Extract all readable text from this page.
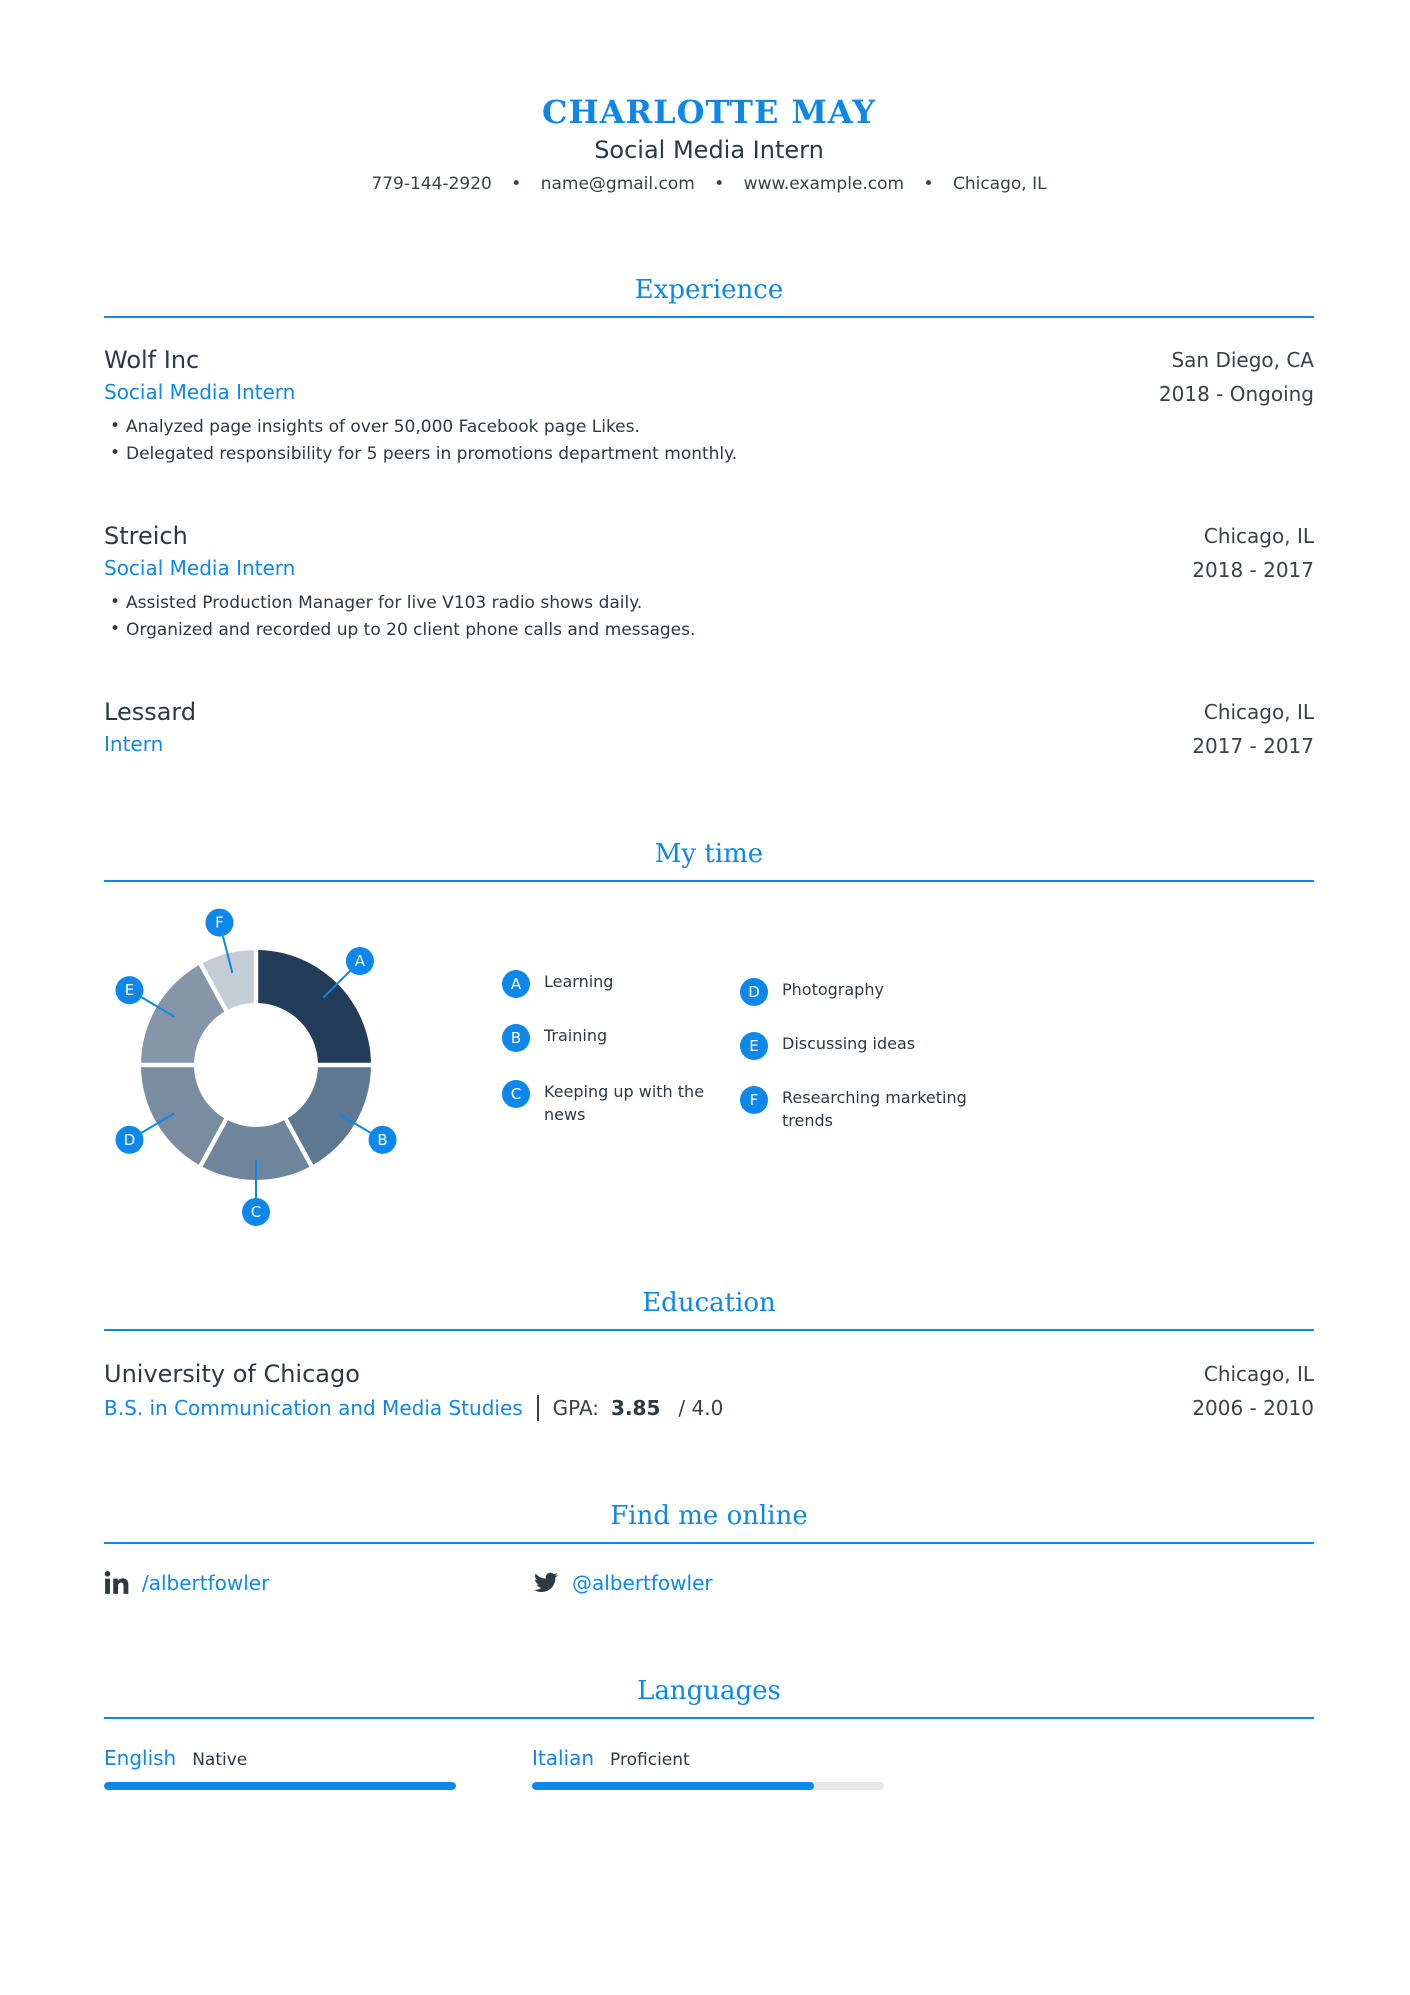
CHARLOTTE MAY
Social Media Intern
779-144-2920 • name@gmail.com • www.example.com • Chicago, IL
Experience
Wolf Inc
Social Media Intern
San Diego, CA
2018 - Ongoing
• Analyzed page insights of over 50,000 Facebook page Likes.
• Delegated responsibility for 5 peers in promotions department monthly.
Streich
Social Media Intern
Chicago, IL
2018 - 2017
• Assisted Production Manager for live V103 radio shows daily.
• Organized and recorded up to 20 client phone calls and messages.
Lessard
Intern
Chicago, IL
2017 - 2017
My time
A
B
C
D
E
F
A	Learning
B	Training
C	Keeping up with the news
D	Photography
E	Discussing ideas
F	Researching marketing trends
Education
University of Chicago
B.S. in Communication and Media Studies GPA: 3.85 / 4.0
Chicago, IL
2006 - 2010
Find me online
/albertfowler	@albertfowler
Languages
English Native	Italian Proficient
